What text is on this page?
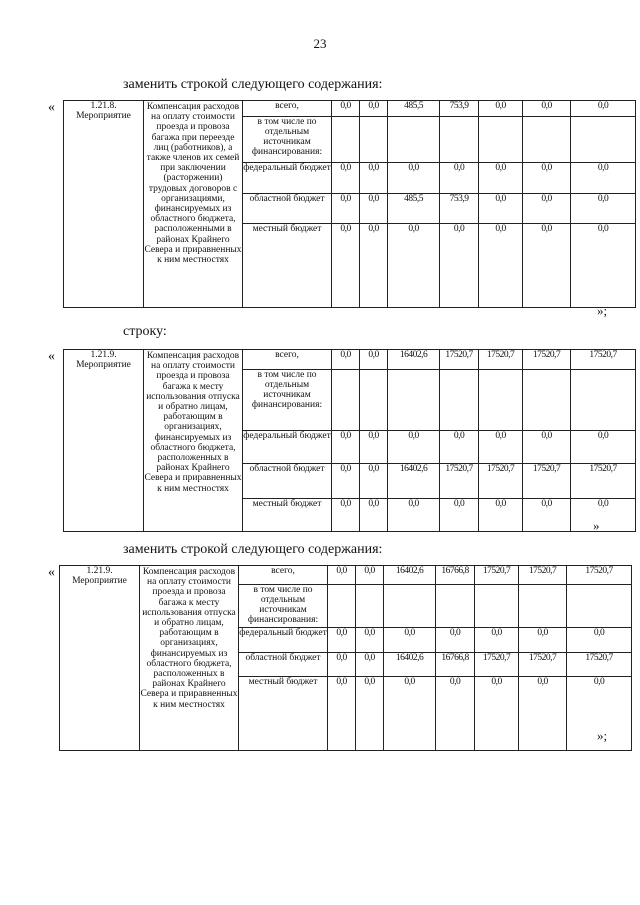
23
заменить строкой следующего содержания:
«	1.21.8.
Мероприятие	Компенсация расходов на оплату стоимости проезда и провоза багажа при переезде лиц (работников), а также членов их семей при заключении (расторжении) трудовых договоров с организациями, финансируемых из областного бюджета, расположенными в районах Крайнего Севера и приравненных к ним местностях	всего,	0,0	0,0	485,5	753,9	0,0	0,0	0,0
		в том числе по отдельным источникам финансирования:							
		федеральный бюджет	0,0	0,0	0,0	0,0	0,0	0,0	0,0
		областной бюджет	0,0	0,0	485,5	753,9	0,0	0,0	0,0
		местный бюджет	0,0	0,0	0,0	0,0	0,0	0,0	0,0
»;
строку:
«	1.21.9.
Мероприятие	Компенсация расходов на оплату стоимости проезда и провоза багажа к месту использования отпуска и обратно лицам, работающим в организациях, финансируемых из областного бюджета, расположенных в районах Крайнего Севера и приравненных к ним местностях	всего,	0,0	0,0	16402,6	17520,7	17520,7	17520,7	17520,7
		в том числе по отдельным источникам финансирования:							
		федеральный бюджет	0,0	0,0	0,0	0,0	0,0	0,0	0,0
		областной бюджет	0,0	0,0	16402,6	17520,7	17520,7	17520,7	17520,7
		местный бюджет	0,0	0,0	0,0	0,0	0,0	0,0	0,0
»
заменить строкой следующего содержания:
«	1.21.9.
Мероприятие	Компенсация расходов на оплату стоимости проезда и провоза багажа к месту использования отпуска и обратно лицам, работающим в организациях, финансируемых из областного бюджета, расположенных в районах Крайнего Севера и приравненных к ним местностях	всего,	0,0	0,0	16402,6	16766,8	17520,7	17520,7	17520,7
		в том числе по отдельным источникам финансирования:							
		федеральный бюджет	0,0	0,0	0,0	0,0	0,0	0,0	0,0
		областной бюджет	0,0	0,0	16402,6	16766,8	17520,7	17520,7	17520,7
		местный бюджет	0,0	0,0	0,0	0,0	0,0	0,0	0,0
»;
